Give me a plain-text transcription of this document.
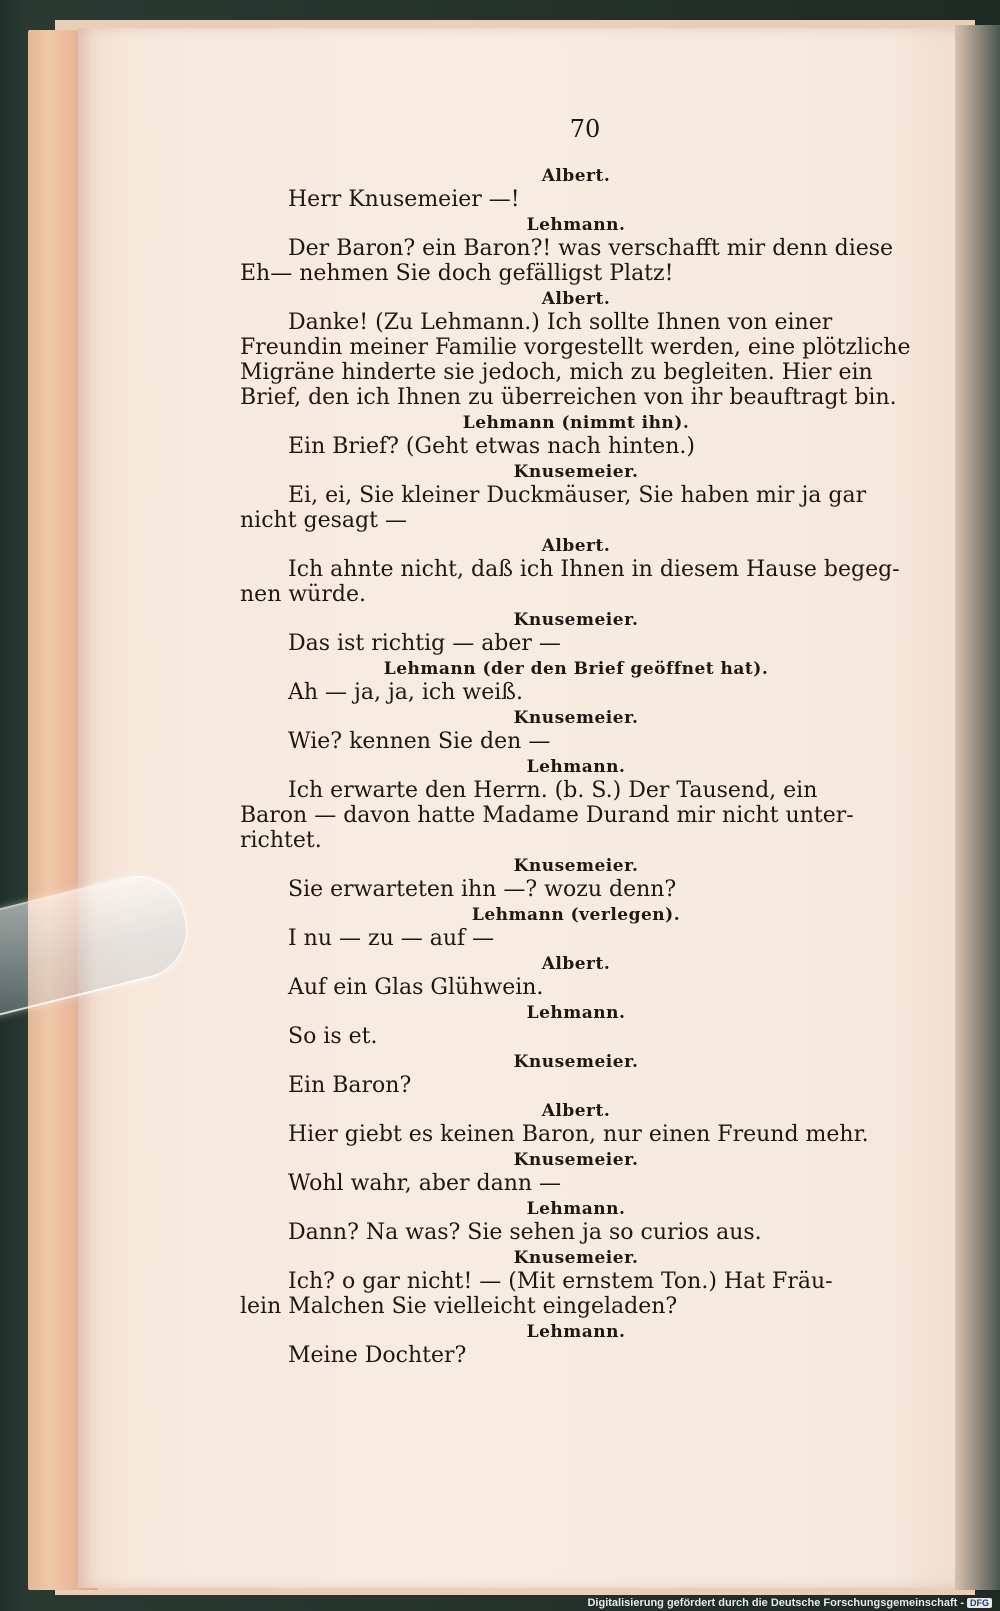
70

Albert.

Herr Knusemeier —!

Lehmann.

Der Baron? ein Baron?! was verschafft mir denn diese

Eh— nehmen Sie doch gefälligst Platz!

Albert.

Danke! (Zu Lehmann.) Ich sollte Ihnen von einer

Freundin meiner Familie vorgestellt werden, eine plötzliche

Migräne hinderte sie jedoch, mich zu begleiten. Hier ein

Brief, den ich Ihnen zu überreichen von ihr beauftragt bin.

Lehmann (nimmt ihn).

Ein Brief? (Geht etwas nach hinten.)

Knusemeier.

Ei, ei, Sie kleiner Duckmäuser, Sie haben mir ja gar

nicht gesagt —

Albert.

Ich ahnte nicht, daß ich Ihnen in diesem Hause begeg-

nen würde.

Knusemeier.

Das ist richtig — aber —

Lehmann (der den Brief geöffnet hat).

Ah — ja, ja, ich weiß.

Knusemeier.

Wie? kennen Sie den —

Lehmann.

Ich erwarte den Herrn. (b. S.) Der Tausend, ein

Baron — davon hatte Madame Durand mir nicht unter-

richtet.

Knusemeier.

Sie erwarteten ihn —? wozu denn?

Lehmann (verlegen).

I nu — zu — auf —

Albert.

Auf ein Glas Glühwein.

Lehmann.

So is et.

Knusemeier.

Ein Baron?

Albert.

Hier giebt es keinen Baron, nur einen Freund mehr.

Knusemeier.

Wohl wahr, aber dann —

Lehmann.

Dann? Na was? Sie sehen ja so curios aus.

Knusemeier.

Ich? o gar nicht! — (Mit ernstem Ton.) Hat Fräu-

lein Malchen Sie vielleicht eingeladen?

Lehmann.

Meine Dochter?

Digitalisierung gefördert durch die Deutsche Forschungsgemeinschaft - DFG
